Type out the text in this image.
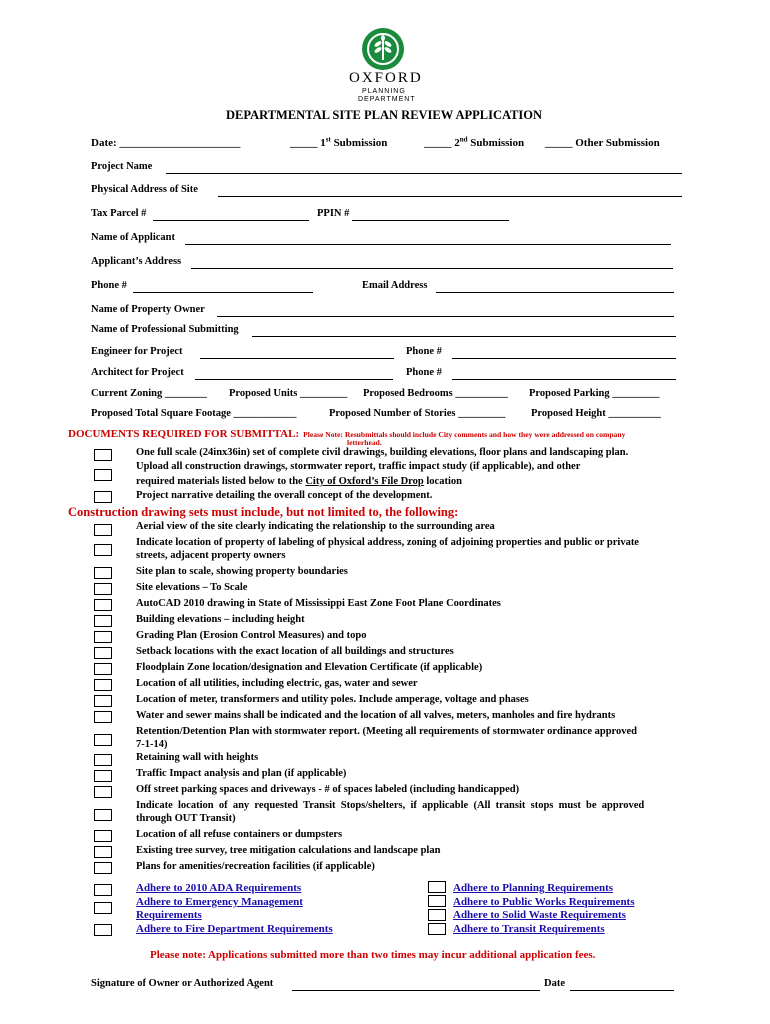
OXFORD
PLANNING
DEPARTMENT
DEPARTMENTAL SITE PLAN REVIEW APPLICATION
Date: ______________________	_____ 1st Submission	_____ 2nd Submission _____ Other Submission
Project Name
Physical Address of Site
Tax Parcel #	PPIN #
Name of Applicant
Applicant’s Address
Phone #	Email Address
Name of Property Owner
Name of Professional Submitting
Engineer for Project	Phone #
Architect for Project	Phone #
Current Zoning ________ Proposed Units _________ Proposed Bedrooms __________ Proposed Parking _________
Proposed Total Square Footage ____________	Proposed Number of Stories _________ Proposed Height __________
DOCUMENTS REQUIRED FOR SUBMITTAL: Please Note: Resubmittals should include City comments and how they were addressed on company
letterhead.
One full scale (24inx36in) set of complete civil drawings, building elevations, floor plans and landscaping plan.
Upload all construction drawings, stormwater report, traffic impact study (if applicable), and other
required materials listed below to the City of Oxford’s File Drop location
Project narrative detailing the overall concept of the development.
Construction drawing sets must include, but not limited to, the following:
Aerial view of the site clearly indicating the relationship to the surrounding area
Indicate location of property of labeling of physical address, zoning of adjoining properties and public or private
streets, adjacent property owners
Site plan to scale, showing property boundaries
Site elevations – To Scale
AutoCAD 2010 drawing in State of Mississippi East Zone Foot Plane Coordinates
Building elevations – including height
Grading Plan (Erosion Control Measures) and topo
Setback locations with the exact location of all buildings and structures
Floodplain Zone location/designation and Elevation Certificate (if applicable)
Location of all utilities, including electric, gas, water and sewer
Location of meter, transformers and utility poles. Include amperage, voltage and phases
Water and sewer mains shall be indicated and the location of all valves, meters, manholes and fire hydrants
Retention/Detention Plan with stormwater report. (Meeting all requirements of stormwater ordinance approved
7-1-14)
Retaining wall with heights
Traffic Impact analysis and plan (if applicable)
Off street parking spaces and driveways - # of spaces labeled (including handicapped)
Indicate  location  of  any  requested  Transit  Stops/shelters,  if  applicable  (All  transit  stops  must  be  approved
through OUT Transit)
Location of all refuse containers or dumpsters
Existing tree survey, tree mitigation calculations and landscape plan
Plans for amenities/recreation facilities (if applicable)
Adhere to 2010 ADA Requirements
Adhere to Emergency Management
Requirements
Adhere to Fire Department Requirements
Adhere to Planning Requirements
Adhere to Public Works Requirements
Adhere to Solid Waste Requirements
Adhere to Transit Requirements
Please note: Applications submitted more than two times may incur additional application fees.
Signature of Owner or Authorized Agent	Date
